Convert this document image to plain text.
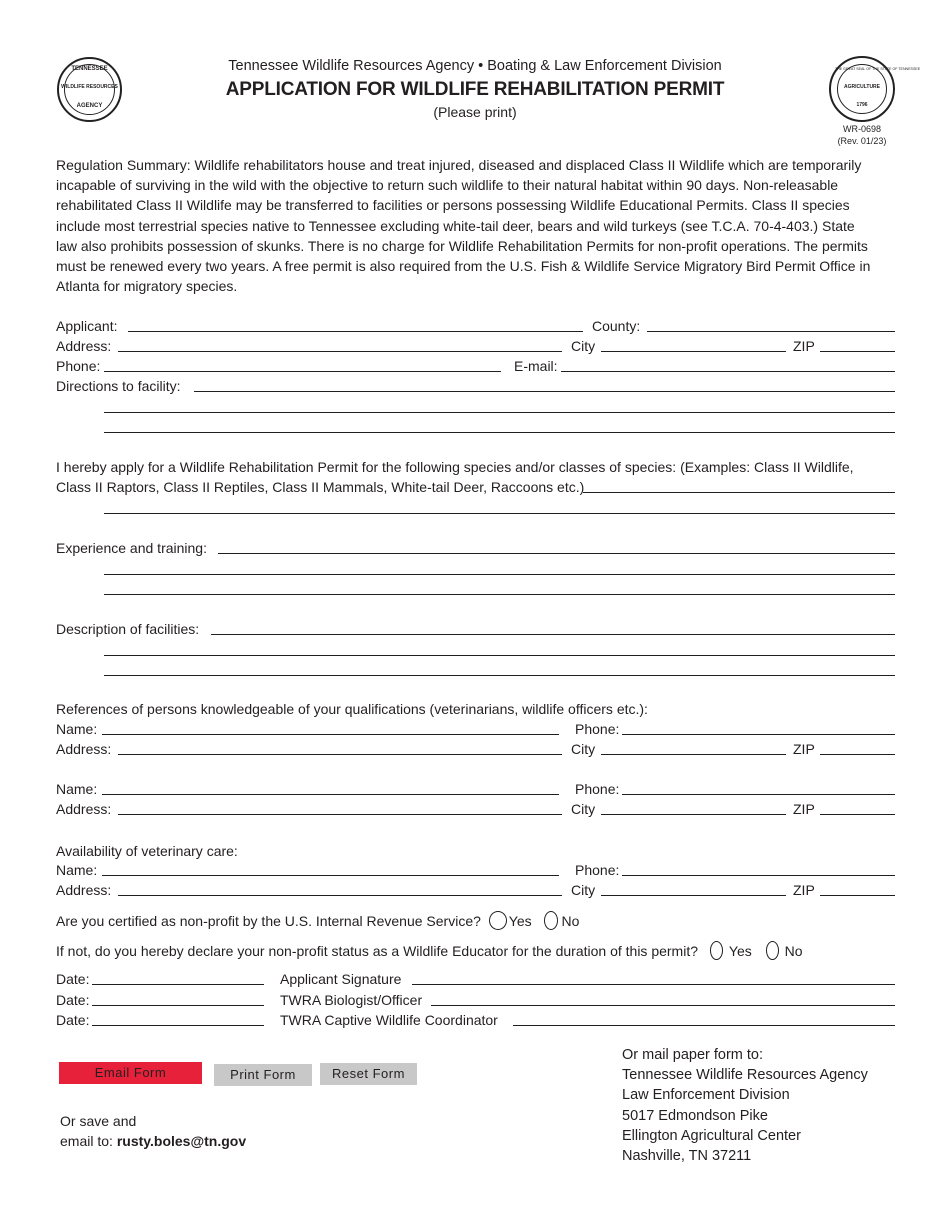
TENNESSEE
WILDLIFE RESOURCES
AGENCY
Tennessee Wildlife Resources Agency • Boating & Law Enforcement Division
APPLICATION FOR WILDLIFE REHABILITATION PERMIT
(Please print)
THE GREAT SEAL OF THE STATE OF TENNESSEE
AGRICULTURE
1796
WR-0698
(Rev. 01/23)
Regulation Summary: Wildlife rehabilitators house and treat injured, diseased and displaced Class II Wildlife which are temporarily
incapable of surviving in the wild with the objective to return such wildlife to their natural habitat within 90 days. Non-releasable
rehabilitated Class II Wildlife may be transferred to facilities or persons possessing Wildlife Educational Permits. Class II species
include most terrestrial species native to Tennessee excluding white-tail deer, bears and wild turkeys (see T.C.A. 70-4-403.) State
law also prohibits possession of skunks. There is no charge for Wildlife Rehabilitation Permits for non-profit operations. The permits
must be renewed every two years. A free permit is also required from the U.S. Fish & Wildlife Service Migratory Bird Permit Office in
Atlanta for migratory species.
Applicant:	County:
Address:	City	ZIP
Phone:	E-mail:
Directions to facility:
I hereby apply for a Wildlife Rehabilitation Permit for the following species and/or classes of species: (Examples: Class II Wildlife,
Class II Raptors, Class II Reptiles, Class II Mammals, White-tail Deer, Raccoons etc.)
Experience and training:
Description of facilities:
References of persons knowledgeable of your qualifications (veterinarians, wildlife officers etc.):
Name:	Phone:
Address:	City	ZIP
Name:	Phone:
Address:	City	ZIP
Availability of veterinary care:
Name:	Phone:
Address:	City	ZIP
Are you certified as non-profit by the U.S. Internal Revenue Service? Yes No
If not, do you hereby declare your non-profit status as a Wildlife Educator for the duration of this permit? Yes No
Date:	Applicant Signature
Date:	TWRA Biologist/Officer
Date:	TWRA Captive Wildlife Coordinator
Email Form	Print Form	Reset Form
Or save and
email to: rusty.boles@tn.gov
Or mail paper form to:
Tennessee Wildlife Resources Agency
Law Enforcement Division
5017 Edmondson Pike
Ellington Agricultural Center
Nashville, TN 37211
